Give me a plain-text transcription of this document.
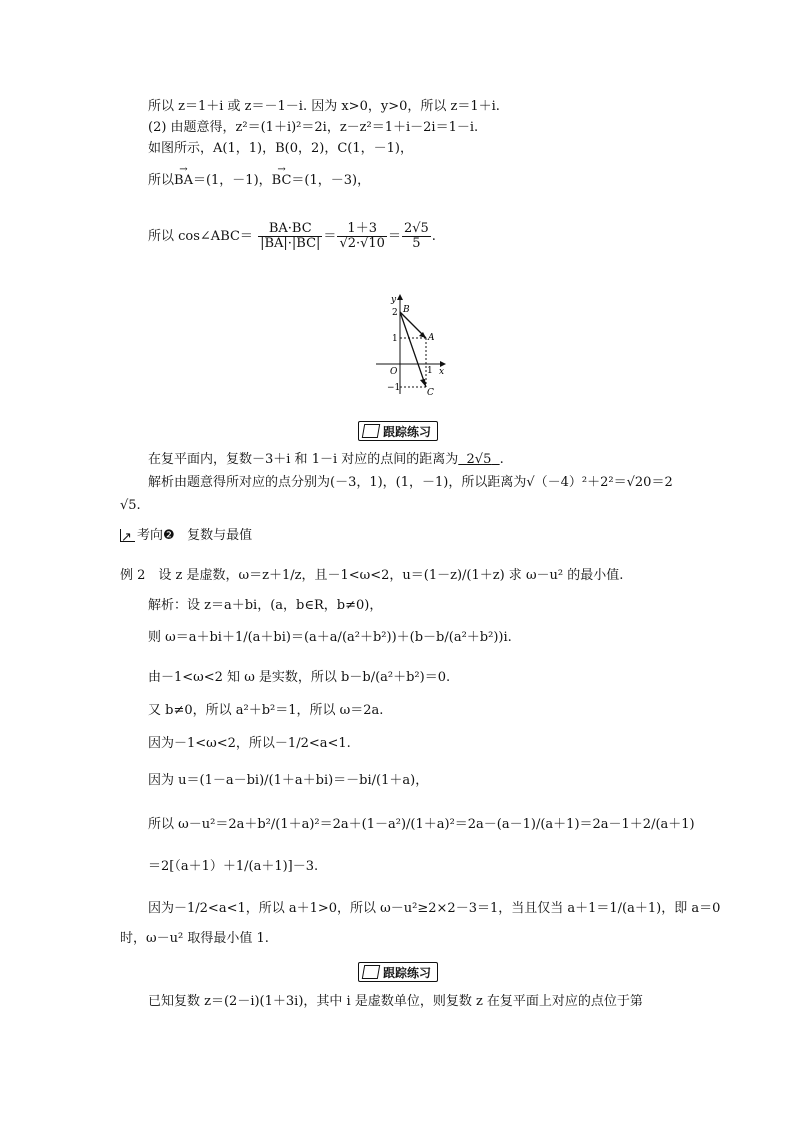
所以 z＝1＋i 或 z＝－1－i. 因为 x>0，y>0，所以 z＝1＋i.
(2) 由题意得，z²＝(1＋i)²＝2i，z－z²＝1＋i－2i＝1－i.
如图所示，A(1，1)，B(0，2)，C(1，－1)，
所以→ BA＝(1，－1)，→ BC＝(1，－3)，
所以 cos∠ABC＝ $\frac{BA\cdot BC}{|BA|\cdot|BC|} = \frac{1+3}{√2\cdot√10} = \frac{2√5}{5}$ .
y
x
O
B
A
C
2
1
−1
1
跟踪练习
在复平面内，复数－3＋i 和 1－i 对应的点间的距离为 2√5 .
解析由题意得所对应的点分别为(－3，1)，(1，－1)，所以距离为√（－4）²＋2²＝√20＝2
√5.
↗ 考向❷ 复数与最值
例 2　设 z 是虚数，ω＝z＋1/z，且－1<ω<2，u＝(1－z)/(1＋z) 求 ω－u² 的最小值.
解析：设 z＝a＋bi，(a，b∈R，b≠0)，
则 ω＝a＋bi＋1/(a＋bi)＝(a＋a/(a²＋b²))＋(b－b/(a²＋b²))i.
由－1<ω<2 知 ω 是实数，所以 b－b/(a²＋b²)＝0.
又 b≠0，所以 a²＋b²＝1，所以 ω＝2a.
因为－1<ω<2，所以－1/2<a<1.
因为 u＝(1－a－bi)/(1＋a＋bi)＝－bi/(1＋a)，
所以 ω－u²＝2a＋b²/(1＋a)²＝2a＋(1－a²)/(1＋a)²＝2a－(a－1)/(a＋1)＝2a－1＋2/(a＋1)
＝2[（a＋1）＋1/(a＋1)]－3.
因为－1/2<a<1，所以 a＋1>0，所以 ω－u²≥2×2－3＝1，当且仅当 a＋1＝1/(a＋1)，即 a＝0
时，ω－u² 取得最小值 1.
跟踪练习
已知复数 z＝(2－i)(1＋3i)，其中 i 是虚数单位，则复数 z 在复平面上对应的点位于第
